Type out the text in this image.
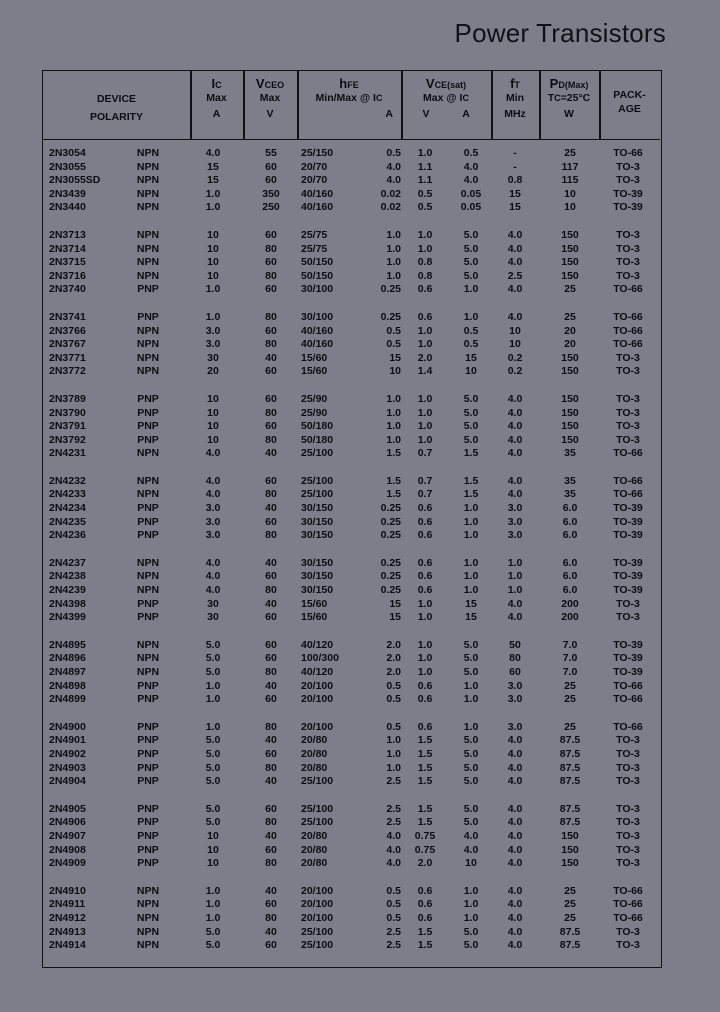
Power Transistors
DEVICE
POLARITY
IC
Max
A
VCEO
Max
V
hFE
Min/Max @ IC
A
VCE(sat)
Max @ IC
V	A
fT
Min
MHz
PD(Max)
TC=25°C
W
PACK-
AGE
2N3054	NPN	4.0	55	25/150	0.5	1.0	0.5	-	25	TO-66
2N3055	NPN	15	60	20/70	4.0	1.1	4.0	-	117	TO-3
2N3055SD	NPN	15	60	20/70	4.0	1.1	4.0	0.8	115	TO-3
2N3439	NPN	1.0	350	40/160	0.02	0.5	0.05	15	10	TO-39
2N3440	NPN	1.0	250	40/160	0.02	0.5	0.05	15	10	TO-39
2N3713	NPN	10	60	25/75	1.0	1.0	5.0	4.0	150	TO-3
2N3714	NPN	10	80	25/75	1.0	1.0	5.0	4.0	150	TO-3
2N3715	NPN	10	60	50/150	1.0	0.8	5.0	4.0	150	TO-3
2N3716	NPN	10	80	50/150	1.0	0.8	5.0	2.5	150	TO-3
2N3740	PNP	1.0	60	30/100	0.25	0.6	1.0	4.0	25	TO-66
2N3741	PNP	1.0	80	30/100	0.25	0.6	1.0	4.0	25	TO-66
2N3766	NPN	3.0	60	40/160	0.5	1.0	0.5	10	20	TO-66
2N3767	NPN	3.0	80	40/160	0.5	1.0	0.5	10	20	TO-66
2N3771	NPN	30	40	15/60	15	2.0	15	0.2	150	TO-3
2N3772	NPN	20	60	15/60	10	1.4	10	0.2	150	TO-3
2N3789	PNP	10	60	25/90	1.0	1.0	5.0	4.0	150	TO-3
2N3790	PNP	10	80	25/90	1.0	1.0	5.0	4.0	150	TO-3
2N3791	PNP	10	60	50/180	1.0	1.0	5.0	4.0	150	TO-3
2N3792	PNP	10	80	50/180	1.0	1.0	5.0	4.0	150	TO-3
2N4231	NPN	4.0	40	25/100	1.5	0.7	1.5	4.0	35	TO-66
2N4232	NPN	4.0	60	25/100	1.5	0.7	1.5	4.0	35	TO-66
2N4233	NPN	4.0	80	25/100	1.5	0.7	1.5	4.0	35	TO-66
2N4234	PNP	3.0	40	30/150	0.25	0.6	1.0	3.0	6.0	TO-39
2N4235	PNP	3.0	60	30/150	0.25	0.6	1.0	3.0	6.0	TO-39
2N4236	PNP	3.0	80	30/150	0.25	0.6	1.0	3.0	6.0	TO-39
2N4237	NPN	4.0	40	30/150	0.25	0.6	1.0	1.0	6.0	TO-39
2N4238	NPN	4.0	60	30/150	0.25	0.6	1.0	1.0	6.0	TO-39
2N4239	NPN	4.0	80	30/150	0.25	0.6	1.0	1.0	6.0	TO-39
2N4398	PNP	30	40	15/60	15	1.0	15	4.0	200	TO-3
2N4399	PNP	30	60	15/60	15	1.0	15	4.0	200	TO-3
2N4895	NPN	5.0	60	40/120	2.0	1.0	5.0	50	7.0	TO-39
2N4896	NPN	5.0	60	100/300	2.0	1.0	5.0	80	7.0	TO-39
2N4897	NPN	5.0	80	40/120	2.0	1.0	5.0	60	7.0	TO-39
2N4898	PNP	1.0	40	20/100	0.5	0.6	1.0	3.0	25	TO-66
2N4899	PNP	1.0	60	20/100	0.5	0.6	1.0	3.0	25	TO-66
2N4900	PNP	1.0	80	20/100	0.5	0.6	1.0	3.0	25	TO-66
2N4901	PNP	5.0	40	20/80	1.0	1.5	5.0	4.0	87.5	TO-3
2N4902	PNP	5.0	60	20/80	1.0	1.5	5.0	4.0	87.5	TO-3
2N4903	PNP	5.0	80	20/80	1.0	1.5	5.0	4.0	87.5	TO-3
2N4904	PNP	5.0	40	25/100	2.5	1.5	5.0	4.0	87.5	TO-3
2N4905	PNP	5.0	60	25/100	2.5	1.5	5.0	4.0	87.5	TO-3
2N4906	PNP	5.0	80	25/100	2.5	1.5	5.0	4.0	87.5	TO-3
2N4907	PNP	10	40	20/80	4.0	0.75	4.0	4.0	150	TO-3
2N4908	PNP	10	60	20/80	4.0	0.75	4.0	4.0	150	TO-3
2N4909	PNP	10	80	20/80	4.0	2.0	10	4.0	150	TO-3
2N4910	NPN	1.0	40	20/100	0.5	0.6	1.0	4.0	25	TO-66
2N4911	NPN	1.0	60	20/100	0.5	0.6	1.0	4.0	25	TO-66
2N4912	NPN	1.0	80	20/100	0.5	0.6	1.0	4.0	25	TO-66
2N4913	NPN	5.0	40	25/100	2.5	1.5	5.0	4.0	87.5	TO-3
2N4914	NPN	5.0	60	25/100	2.5	1.5	5.0	4.0	87.5	TO-3
